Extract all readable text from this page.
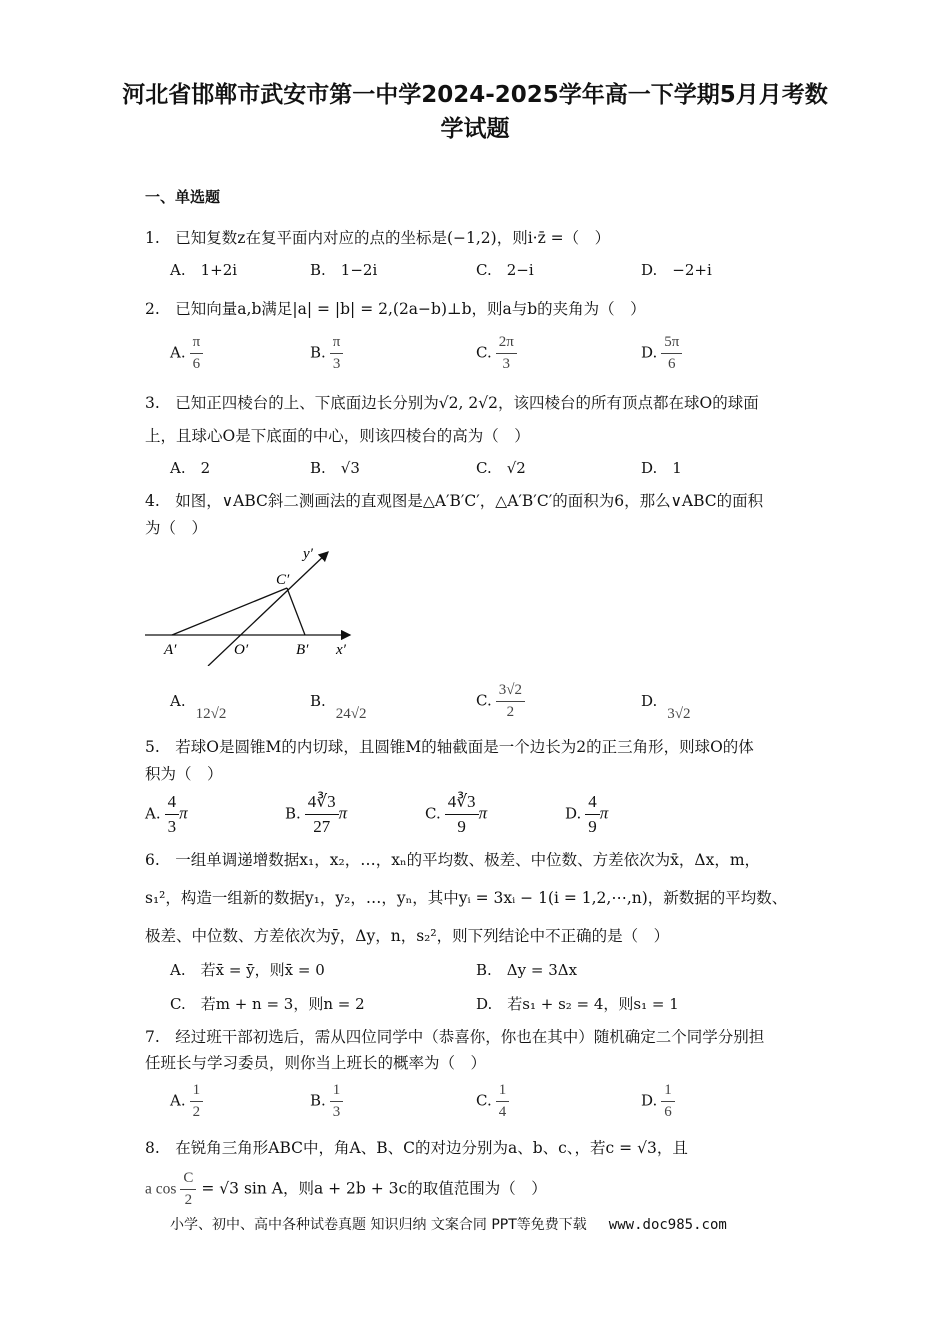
河北省邯郸市武安市第一中学2024-2025学年高一下学期5月月考数学试题
一、单选题
1.　已知复数z在复平面内对应的点的坐标是(−1,2)，则i·z̄ =（　）
A.　1+2i	B.　1−2i	C.　2−i	D.　−2+i
2.　已知向量a,b满足|a| = |b| = 2,(2a−b)⊥b，则a与b的夹角为（　）
A. $\frac{\pi}{6}$	B. $\frac{\pi}{3}$	C. $\frac{2\pi}{3}$	D. $\frac{5\pi}{6}$
3.　已知正四棱台的上、下底面边长分别为√2, 2√2，该四棱台的所有顶点都在球O的球面
上，且球心O是下底面的中心，则该四棱台的高为（　）
A.　2	B.　√3	C.　√2	D.　1
4.　如图，∨ABC斜二测画法的直观图是△A′B′C′，△A′B′C′的面积为6，那么∨ABC的面积
为（　）
y′
C′
A′	O′	B′ x′
A.12√2
B.24√2
C. $\frac{3√2}{2}$	D.3√2
5.　若球O是圆锥M的内切球，且圆锥M的轴截面是一个边长为2的正三角形，则球O的体
积为（　）
A. $\frac{4}{3}$ π	B. $\frac{4∛3}{27}$ π	C. $\frac{4∛3}{9}$ π	D. $\frac{4}{9}$ π
6.　一组单调递增数据x₁，x₂，…，xₙ的平均数、极差、中位数、方差依次为x̄，Δx，m，
s₁²，构造一组新的数据y₁，y₂，…，yₙ，其中yᵢ = 3xᵢ − 1(i = 1,2,⋯,n)，新数据的平均数、
极差、中位数、方差依次为ȳ，Δy，n，s₂²，则下列结论中不正确的是（　）
A.　若x̄ = ȳ，则x̄ = 0	B.　Δy = 3Δx
C.　若m + n = 3，则n = 2	D.　若s₁ + s₂ = 4，则s₁ = 1
7.　经过班干部初选后，需从四位同学中（恭喜你，你也在其中）随机确定二个同学分别担
任班长与学习委员，则你当上班长的概率为（　）
A. $\frac{1}{2}$	B. $\frac{1}{3}$	C. $\frac{1}{4}$	D. $\frac{1}{6}$
8.　在锐角三角形ABC中，角A、B、C的对边分别为a、b、c、，若c = √3，且
a $\cos \frac{C}{2} = √3$ sin A，则a + 2b + 3c的取值范围为（　）
小学、初中、高中各种试卷真题 知识归纳 文案合同 PPT等免费下载 www.doc985.com
